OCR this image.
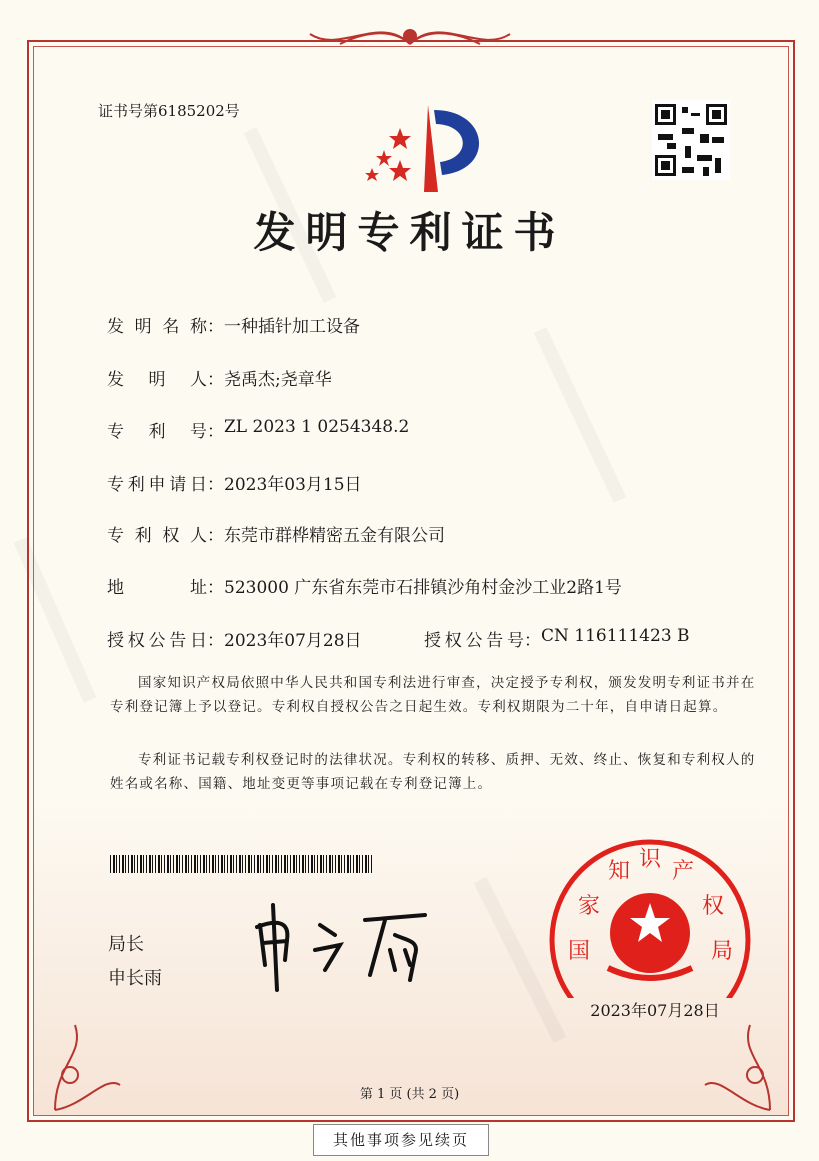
证书号第6185202号
发明专利证书
发明名称 ： 一种插针加工设备
发明人 ： 尧禹杰;尧章华
专利号 ： ZL 2023 1 0254348.2
专利申请日 ： 2023年03月15日
专利权人 ： 东莞市群桦精密五金有限公司
地址 ： 523000 广东省东莞市石排镇沙角村金沙工业2路1号
授权公告日 ： 2023年07月28日	授权公告号 ： CN 116111423 B
国家知识产权局依照中华人民共和国专利法进行审查，决定授予专利权，颁发发明专利证书并在专利登记簿上予以登记。专利权自授权公告之日起生效。专利权期限为二十年，自申请日起算。
专利证书记载专利权登记时的法律状况。专利权的转移、质押、无效、终止、恢复和专利权人的姓名或名称、国籍、地址变更等事项记载在专利登记簿上。
局长
申长雨
国
家
知 识 产
权
局
2023年07月28日
第 1 页 (共 2 页)
其他事项参见续页
